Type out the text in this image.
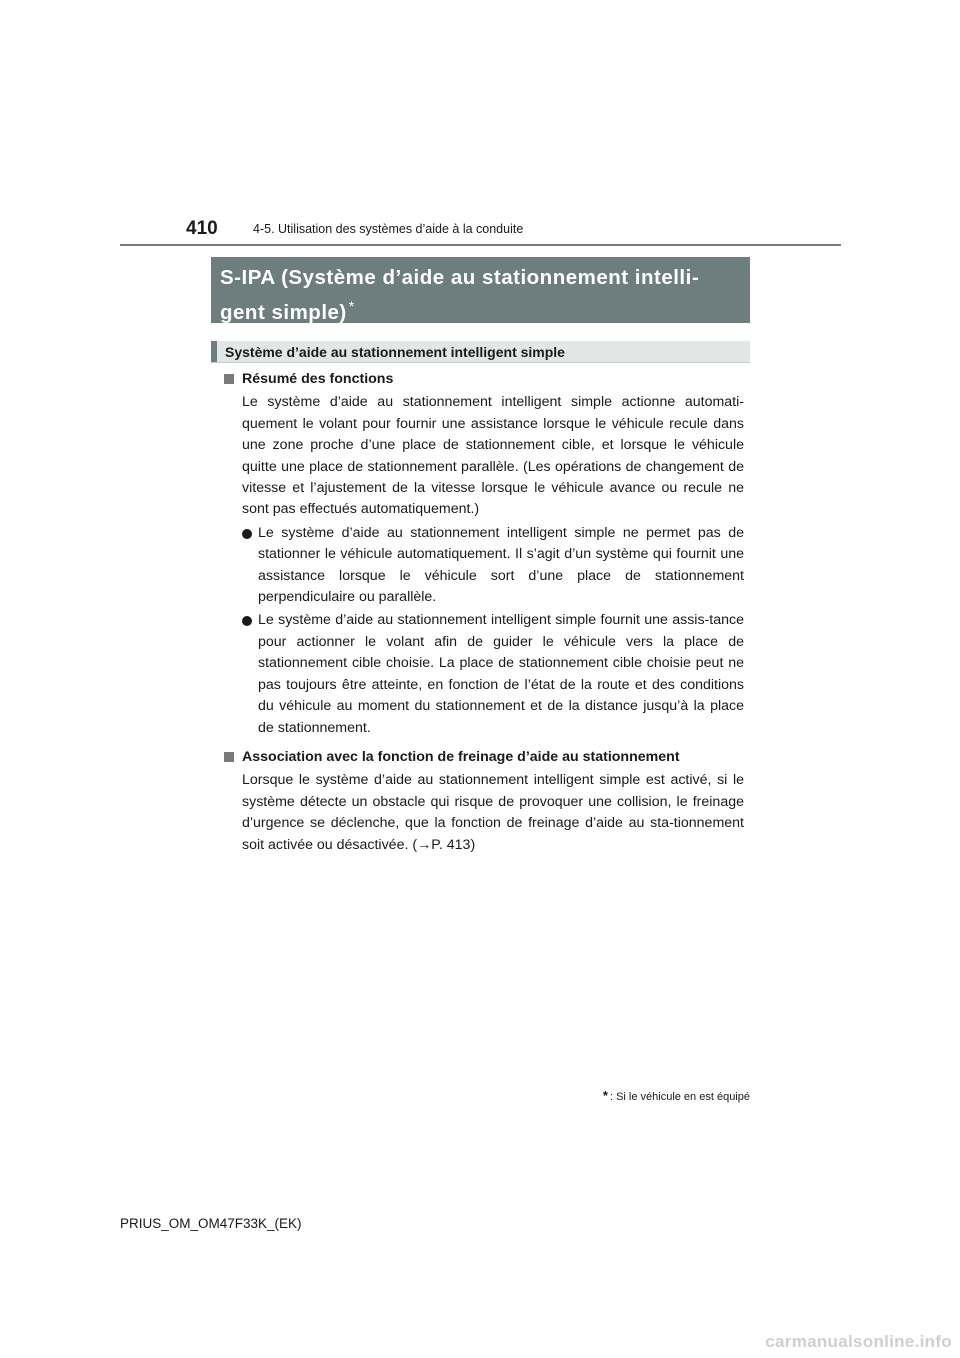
410	4-5. Utilisation des systèmes d’aide à la conduite
S-IPA (Système d’aide au stationnement intelli-
gent simple) *
Système d’aide au stationnement intelligent simple
Résumé des fonctions
Le système d’aide au stationnement intelligent simple actionne automati-quement le volant pour fournir une assistance lorsque le véhicule recule dans une zone proche d’une place de stationnement cible, et lorsque le véhicule quitte une place de stationnement parallèle. (Les opérations de changement de vitesse et l’ajustement de la vitesse lorsque le véhicule avance ou recule ne sont pas effectués automatiquement.)
Le système d’aide au stationnement intelligent simple ne permet pas de stationner le véhicule automatiquement. Il s’agit d’un système qui fournit une assistance lorsque le véhicule sort d’une place de stationnement perpendiculaire ou parallèle.
Le système d’aide au stationnement intelligent simple fournit une assis-tance pour actionner le volant afin de guider le véhicule vers la place de stationnement cible choisie. La place de stationnement cible choisie peut ne pas toujours être atteinte, en fonction de l’état de la route et des conditions du véhicule au moment du stationnement et de la distance jusqu’à la place de stationnement.
Association avec la fonction de freinage d’aide au stationnement
Lorsque le système d’aide au stationnement intelligent simple est activé, si le système détecte un obstacle qui risque de provoquer une collision, le freinage d’urgence se déclenche, que la fonction de freinage d’aide au sta-tionnement soit activée ou désactivée. (→P. 413)
* : Si le véhicule en est équipé
PRIUS_OM_OM47F33K_(EK)
carmanualsonline.info
